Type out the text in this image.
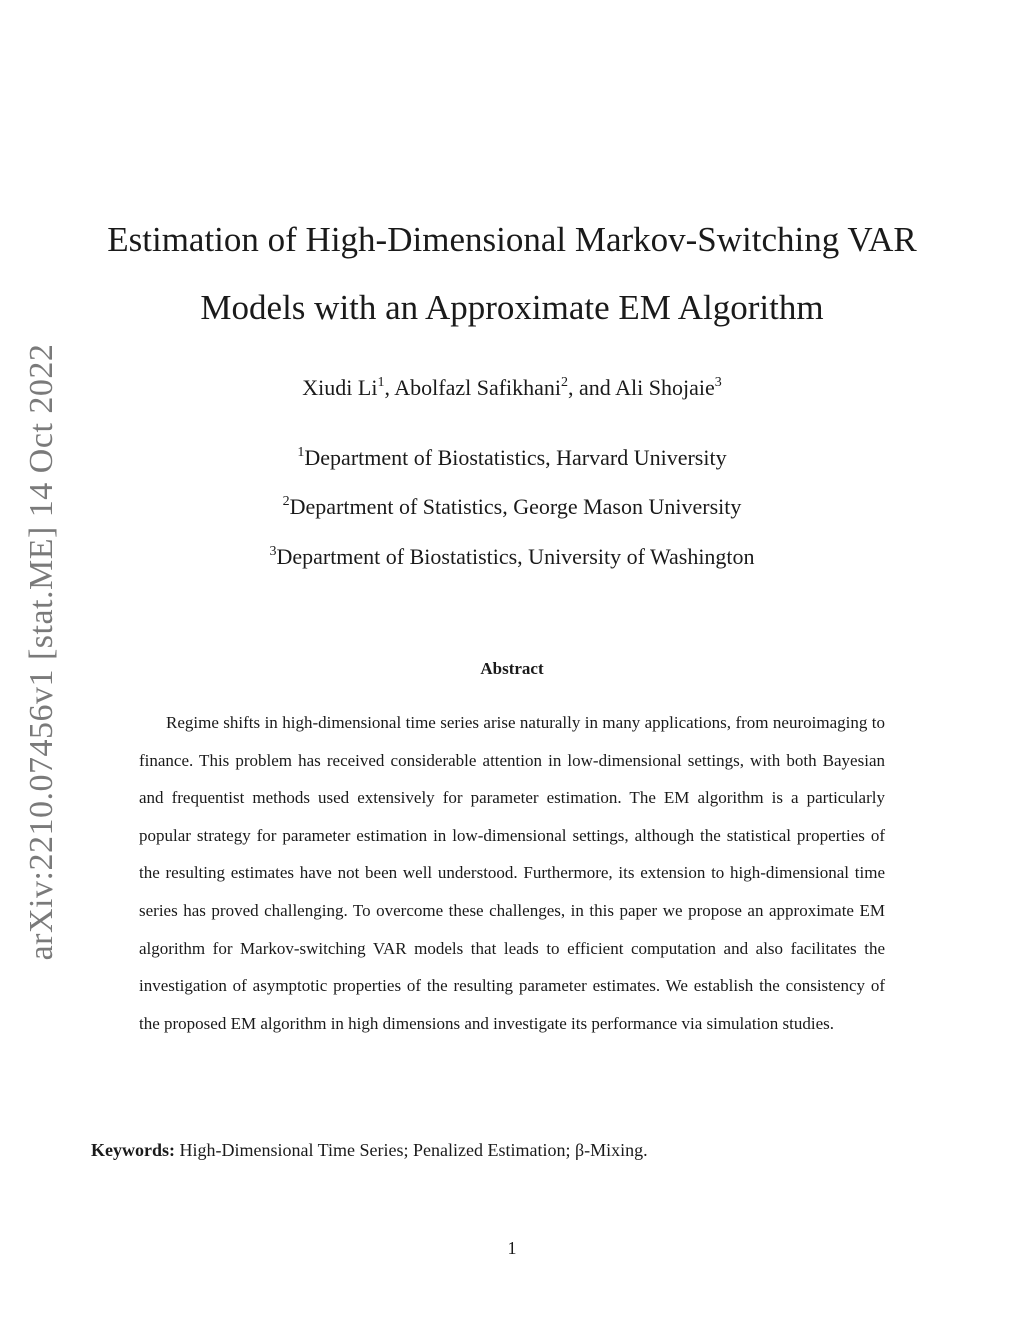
arXiv:2210.07456v1 [stat.ME] 14 Oct 2022
Estimation of High-Dimensional Markov-Switching VAR
Models with an Approximate EM Algorithm
Xiudi Li$^1$, Abolfazl Safikhani$^2$, and Ali Shojaie$^3$
$^1$Department of Biostatistics, Harvard University
$^2$Department of Statistics, George Mason University
$^3$Department of Biostatistics, University of Washington
Abstract

Regime shifts in high-dimensional time series arise naturally in many applications, from neuroimaging to finance. This problem has received considerable attention in low-dimensional settings, with both Bayesian and frequentist methods used extensively for parameter estimation. The EM algorithm is a particularly popular strategy for parameter estimation in low-dimensional settings, although the statistical properties of the resulting estimates have not been well understood. Furthermore, its extension to high-dimensional time series has proved challenging. To overcome these challenges, in this paper we propose an approximate EM algorithm for Markov-switching VAR models that leads to efficient computation and also facilitates the investigation of asymptotic properties of the resulting parameter estimates. We establish the consistency of the proposed EM algorithm in high dimensions and investigate its performance via simulation studies.

Keywords: High-Dimensional Time Series; Penalized Estimation; β-Mixing.
1
